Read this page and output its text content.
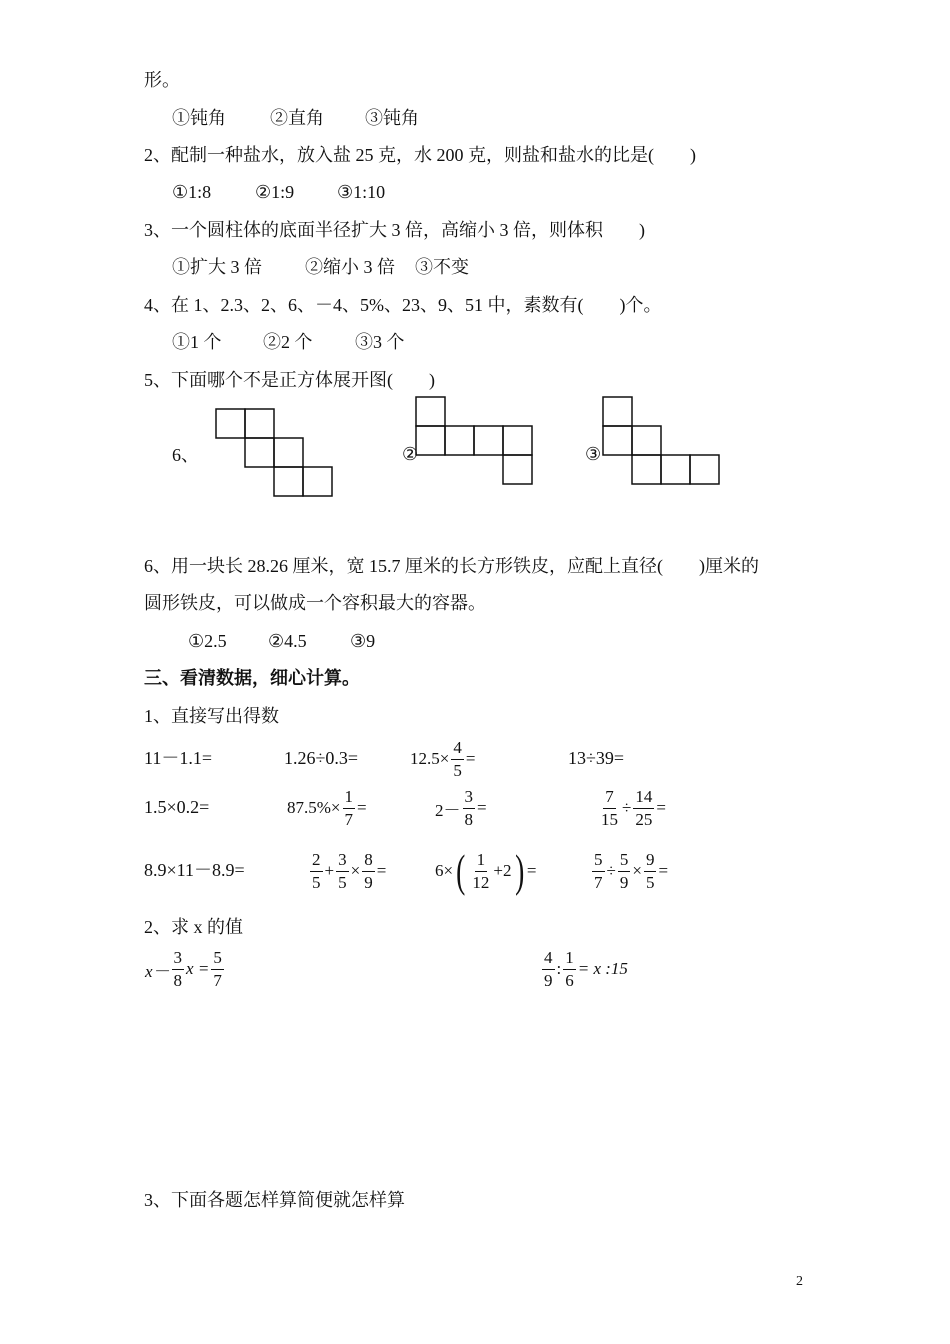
形。
①钝角 ②直角 ③钝角
2、配制一种盐水，放入盐 25 克，水 200 克，则盐和盐水的比是(　　)
①1:8 ②1:9 ③1:10
3、一个圆柱体的底面半径扩大 3 倍，高缩小 3 倍，则体积　　)
①扩大 3 倍 ②缩小 3 倍 ③不变
4、在 1、2.3、2、6、－4、5%、23、9、51 中，素数有(　　)个。
①1 个 ②2 个 ③3 个
5、下面哪个不是正方体展开图(　　)
6、	②	③
6、用一块长 28.26 厘米，宽 15.7 厘米的长方形铁皮，应配上直径(　　)厘米的
圆形铁皮，可以做成一个容积最大的容器。
①2.5 ②4.5 ③9
三、看清数据，细心计算。
1、直接写出得数
11－1.1=	1.26÷0.3=	$12.5\times \frac{4}{5}$ =	13÷39=
1.5×0.2=	$87.5\%\times \frac{1}{7}$ =	$2- \frac{3}{8}$ =	$\frac{7}{15} \div \frac{14}{25}$ =
8.9×11－8.9=	$\frac{2}{5} + \frac{3}{5} \times \frac{8}{9}$ =	6× ( $\frac{1}{12} +2$ ) =	$\frac{5}{7} \div \frac{5}{9} \times \frac{9}{5}$ =
2、求 x 的值
$x- \frac{3}{8}$ $x = \frac{5}{7}$	$\frac{4}{9}$ : $\frac{1}{6} = x$ :15
3、下面各题怎样算简便就怎样算
2
